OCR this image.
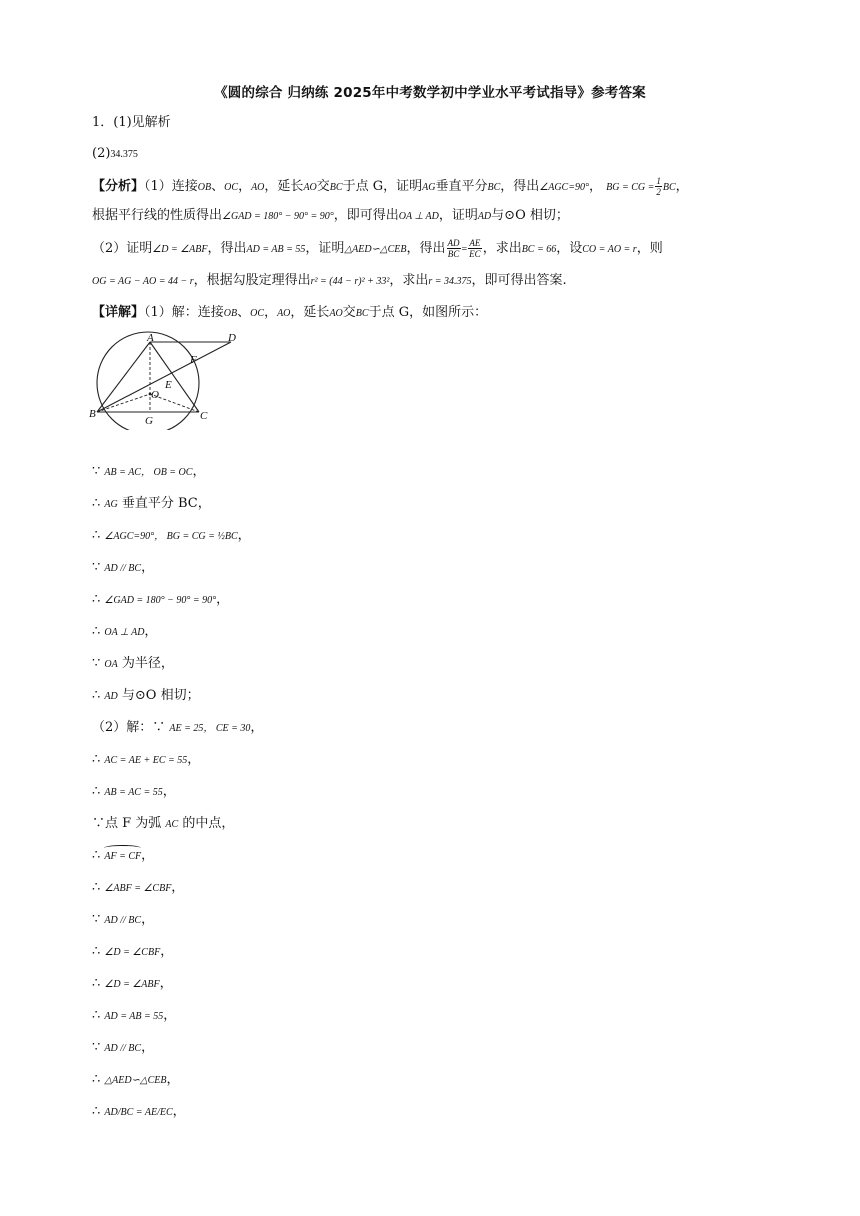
《圆的综合 归纳练 2025年中考数学初中学业水平考试指导》参考答案
1．(1)见解析
(2)34.375
【分析】（1）连接OB、OC，AO，延长AO交BC于点 G，证明AG垂直平分BC，得出∠AGC=90°， BG = CG = $\frac{1}{2}$ BC，
根据平行线的性质得出∠GAD = 180° − 90° = 90°，即可得出OA ⊥ AD，证明AD与⊙O 相切；
（2）证明∠D = ∠ABF，得出AD = AB = 55，证明△AED∽△CEB，得出 $\frac{AD}{BC} = \frac{AE}{EC}$ ，求出BC = 66，设CO = AO = r，则
OG = AG − AO = 44 − r，根据勾股定理得出r² = (44 − r)² + 33²，求出r = 34.375，即可得出答案.
【详解】（1）解：连接OB、OC，AO，延长AO交BC于点 G，如图所示：
A	D
F
E
O
B
G	C
∵ AB = AC， OB = OC，
∴ AG 垂直平分 BC，
∴ ∠AGC=90°， BG = CG = ½BC，
∵ AD // BC，
∴ ∠GAD = 180° − 90° = 90°，
∴ OA ⊥ AD，
∵ OA 为半径，
∴ AD 与⊙O 相切；
（2）解：∵ AE = 25， CE = 30，
∴ AC = AE + EC = 55，
∴ AB = AC = 55，
∵点 F 为弧 AC 的中点，
∴ AF = CF，
∴ ∠ABF = ∠CBF，
∵ AD // BC，
∴ ∠D = ∠CBF，
∴ ∠D = ∠ABF，
∴ AD = AB = 55，
∵ AD // BC，
∴ △AED∽△CEB，
∴ AD/BC = AE/EC，
